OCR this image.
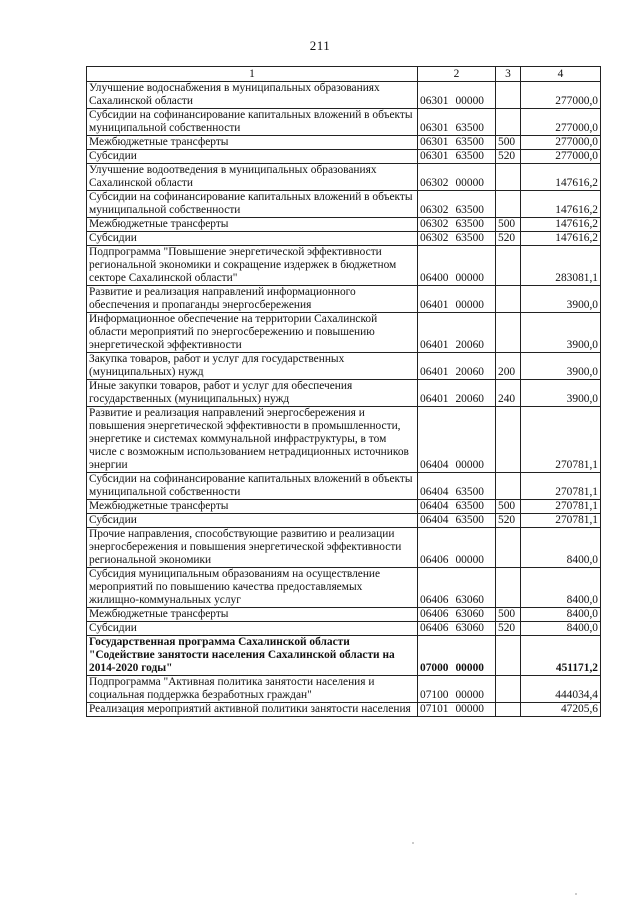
211
1	2	3	4
Улучшение водоснабжения в муниципальных образованиях Сахалинской области	06301 00000		277000,0
Субсидии на софинансирование капитальных вложений в объекты муниципальной собственности	06301 63500		277000,0
Межбюджетные трансферты	06301 63500	500	277000,0
Субсидии	06301 63500	520	277000,0
Улучшение водоотведения в муниципальных образованиях Сахалинской области	06302 00000		147616,2
Субсидии на софинансирование капитальных вложений в объекты муниципальной собственности	06302 63500		147616,2
Межбюджетные трансферты	06302 63500	500	147616,2
Субсидии	06302 63500	520	147616,2
Подпрограмма "Повышение энергетической эффективности региональной экономики и сокращение издержек в бюджетном секторе Сахалинской области"	06400 00000		283081,1
Развитие и реализация направлений информационного обеспечения и пропаганды энергосбережения	06401 00000		3900,0
Информационное обеспечение на территории Сахалинской области мероприятий по энергосбережению и повышению энергетической эффективности	06401 20060		3900,0
Закупка товаров, работ и услуг для государственных (муниципальных) нужд	06401 20060	200	3900,0
Иные закупки товаров, работ и услуг для обеспечения государственных (муниципальных) нужд	06401 20060	240	3900,0
Развитие и реализация направлений энергосбережения и повышения энергетической эффективности в промышленности, энергетике и системах коммунальной инфраструктуры, в том числе с возможным использованием нетрадиционных источников энергии	06404 00000		270781,1
Субсидии на софинансирование капитальных вложений в объекты муниципальной собственности	06404 63500		270781,1
Межбюджетные трансферты	06404 63500	500	270781,1
Субсидии	06404 63500	520	270781,1
Прочие направления, способствующие развитию и реализации энергосбережения и повышения энергетической эффективности региональной экономики	06406 00000		8400,0
Субсидия муниципальным образованиям на осуществление мероприятий по повышению качества предоставляемых жилищно-коммунальных услуг	06406 63060		8400,0
Межбюджетные трансферты	06406 63060	500	8400,0
Субсидии	06406 63060	520	8400,0
Государственная программа Сахалинской области "Содействие занятости населения Сахалинской области на 2014-2020 годы"	07000 00000		451171,2
Подпрограмма "Активная политика занятости населения и социальная поддержка безработных граждан"	07100 00000		444034,4
Реализация мероприятий активной политики занятости населения	07101 00000		47205,6
